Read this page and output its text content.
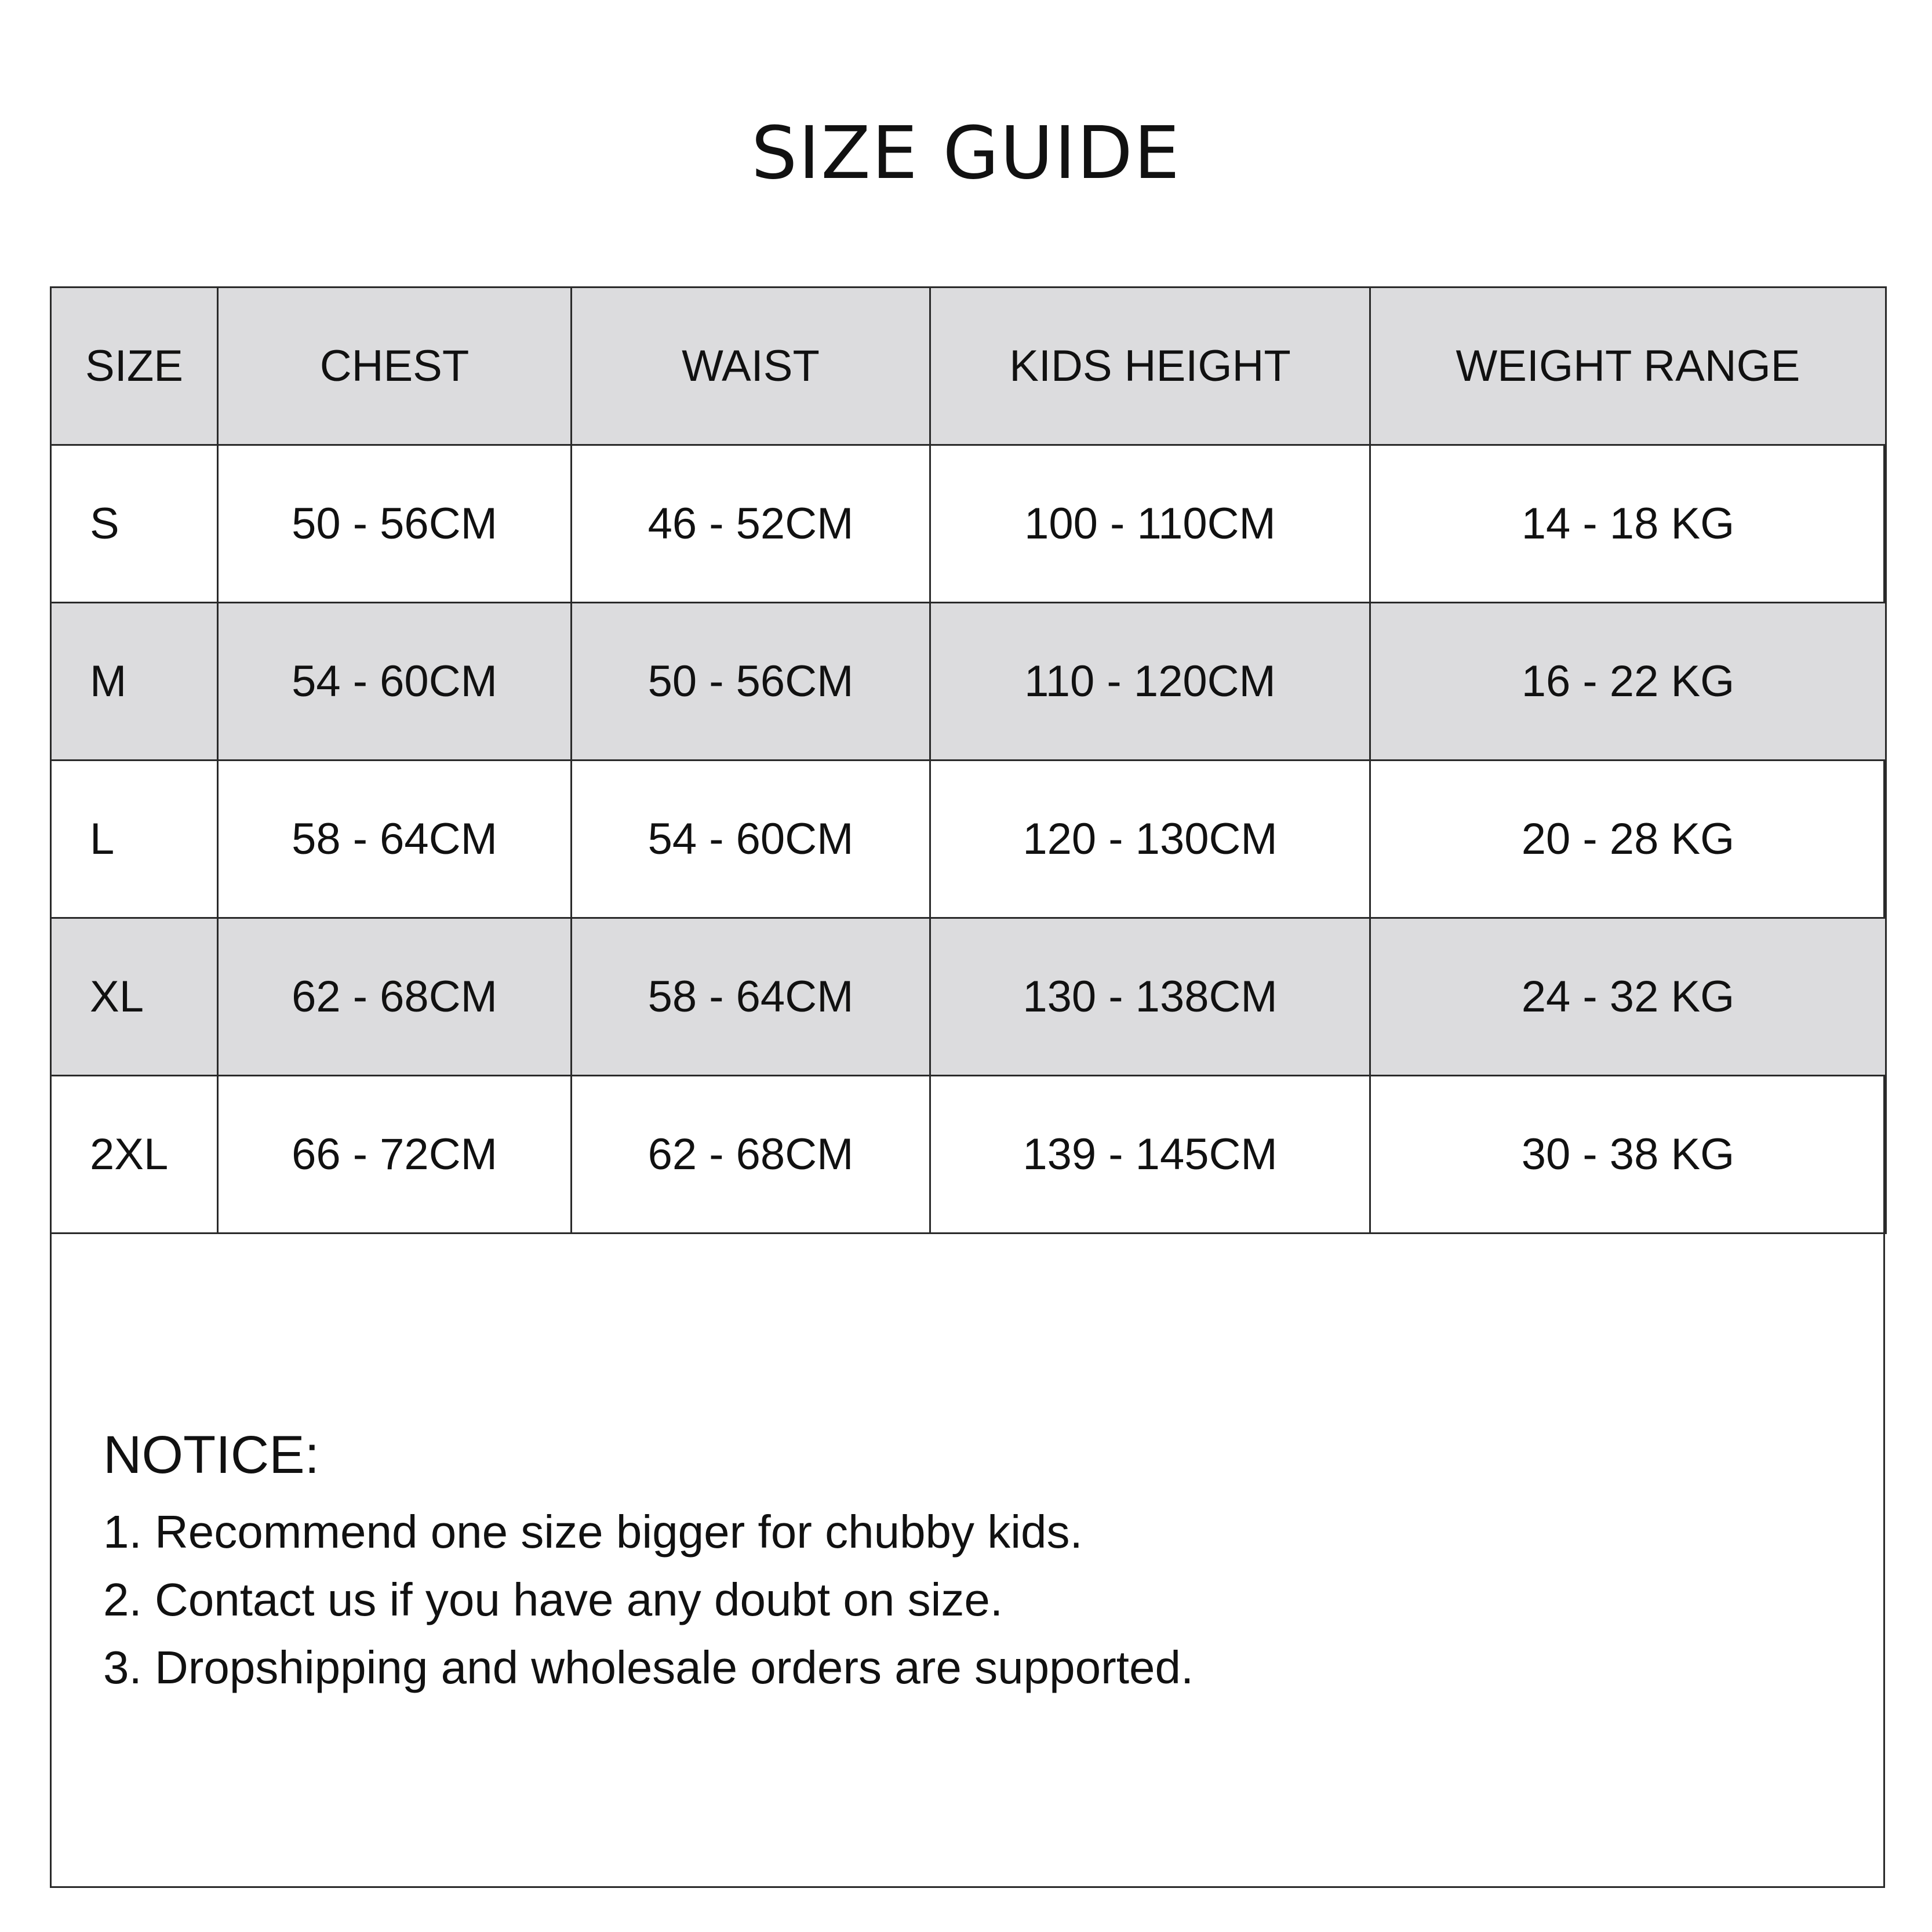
SIZE GUIDE
SIZE	CHEST	WAIST	KIDS HEIGHT	WEIGHT RANGE
S	50 - 56CM	46 - 52CM	100 - 110CM	14 - 18 KG
M	54 - 60CM	50 - 56CM	110 - 120CM	16 - 22 KG
L	58 - 64CM	54 - 60CM	120 - 130CM	20 - 28 KG
XL	62 - 68CM	58 - 64CM	130 - 138CM	24 - 32 KG
2XL	66 - 72CM	62 - 68CM	139 - 145CM	30 - 38 KG
NOTICE:
1. Recommend one size bigger for chubby kids.
2. Contact us if you have any doubt on size.
3. Dropshipping and wholesale orders are supported.
